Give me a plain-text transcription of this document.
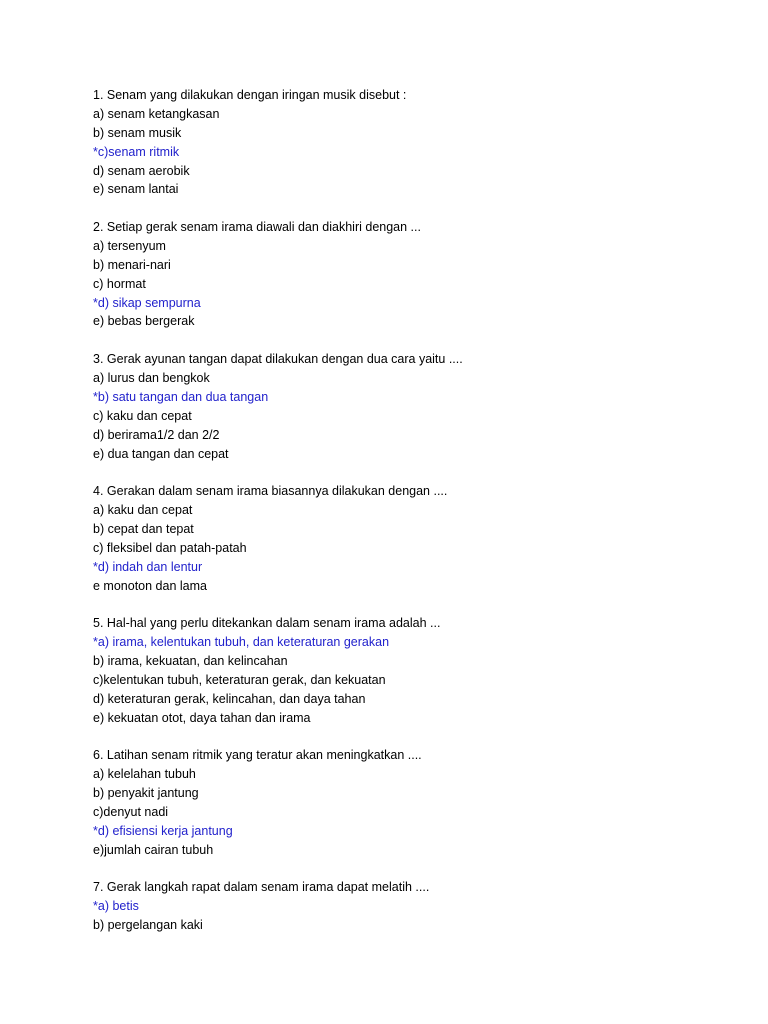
1. Senam yang dilakukan dengan iringan musik disebut :
a) senam ketangkasan
b) senam musik
*c)senam ritmik
d) senam aerobik
e) senam lantai
2. Setiap gerak senam irama diawali dan diakhiri dengan ...
a) tersenyum
b) menari-nari
c) hormat
*d) sikap sempurna
e) bebas bergerak
3. Gerak ayunan tangan dapat dilakukan dengan dua cara yaitu ....
a) lurus dan bengkok
*b) satu tangan dan dua tangan
c) kaku dan cepat
d) berirama1/2 dan 2/2
e) dua tangan dan cepat
4. Gerakan dalam senam irama biasannya dilakukan dengan ....
a) kaku dan cepat
b) cepat dan tepat
c) fleksibel dan patah-patah
*d) indah dan lentur
e monoton dan lama
5. Hal-hal yang perlu ditekankan dalam senam irama adalah ...
*a) irama, kelentukan tubuh, dan keteraturan gerakan
b) irama, kekuatan, dan kelincahan
c)kelentukan tubuh, keteraturan gerak, dan kekuatan
d) keteraturan gerak, kelincahan, dan daya tahan
e) kekuatan otot, daya tahan dan irama
6. Latihan senam ritmik yang teratur akan meningkatkan ....
a) kelelahan tubuh
b) penyakit jantung
c)denyut nadi
*d) efisiensi kerja jantung
e)jumlah cairan tubuh
7. Gerak langkah rapat dalam senam irama dapat melatih ....
*a) betis
b) pergelangan kaki
